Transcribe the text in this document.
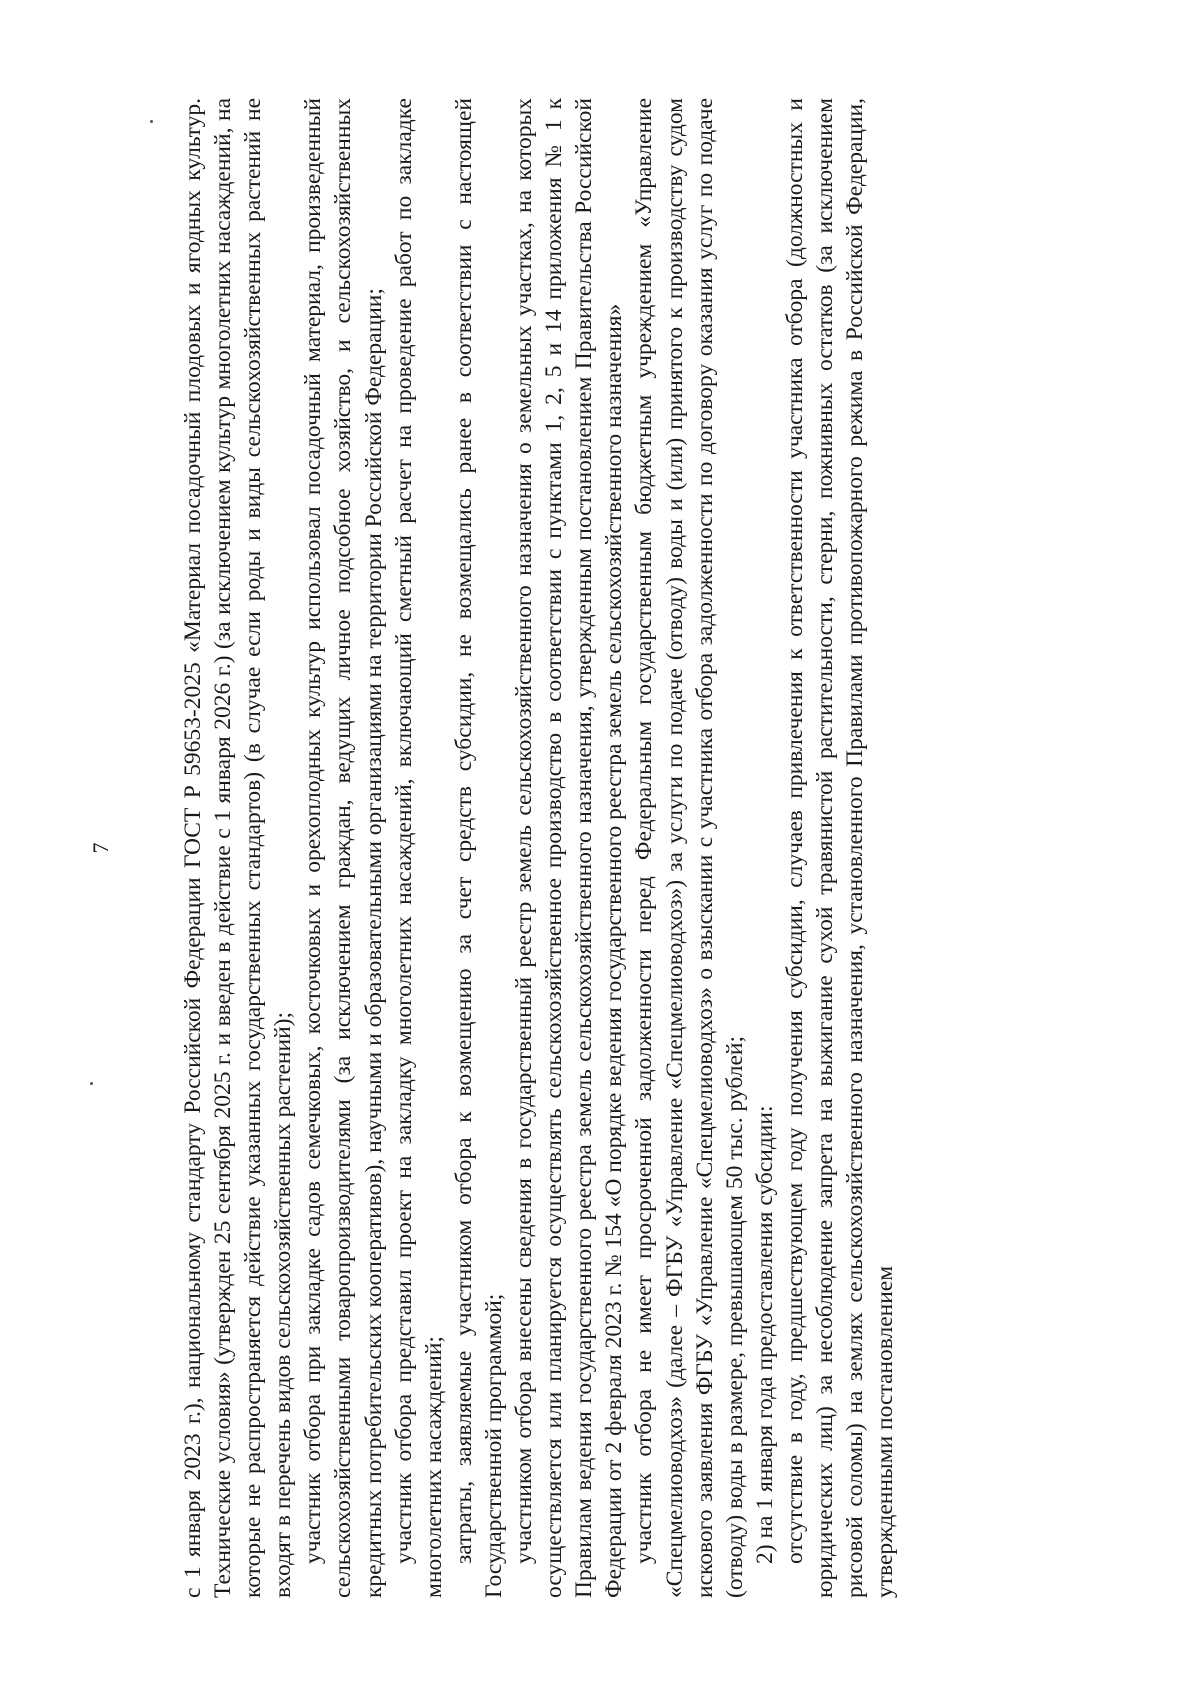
7	с 1 января 2023 г.), национальному стандарту Российской Федерации ГОСТ Р 59653-2025 «Материал посадочный плодовых и ягодных культур. Технические условия» (утвержден 25 сентября 2025 г. и введен в действие с 1 января 2026 г.) (за исключением культур многолетних насаждений, на которые не распространяется действие указанных государственных стандартов) (в случае если роды и виды сельскохозяйственных растений не входят в перечень видов сельскохозяйственных растений); участник отбора при закладке садов семечковых, косточковых и орехоплодных культур использовал посадочный материал, произведенный сельскохозяйственными товаропроизводителями (за исключением граждан, ведущих личное подсобное хозяйство, и сельскохозяйственных кредитных потребительских кооперативов), научными и образовательными организациями на территории Российской Федерации; участник отбора представил проект на закладку многолетних насаждений, включающий сметный расчет на проведение работ по закладке многолетних насаждений; затраты, заявляемые участником отбора к возмещению за счет средств субсидии, не возмещались ранее в соответствии с настоящей Государственной программой; участником отбора внесены сведения в государственный реестр земель сельскохозяйственного назначения о земельных участках, на которых осуществляется или планируется осуществлять сельскохозяйственное производство в соответствии с пунктами 1, 2, 5 и 14 приложения № 1 к Правилам ведения государственного реестра земель сельскохозяйственного назначения, утвержденным постановлением Правительства Российской Федерации от 2 февраля 2023 г. № 154 «О порядке ведения государственного реестра земель сельскохозяйственного назначения» участник отбора не имеет просроченной задолженности перед Федеральным государственным бюджетным учреждением «Управление «Спецмелиоводхоз» (далее – ФГБУ «Управление «Спецмелиоводхоз») за услуги по подаче (отводу) воды и (или) принятого к производству судом искового заявления ФГБУ «Управление «Спецмелиоводхоз» о взыскании с участника отбора задолженности по договору оказания услуг по подаче (отводу) воды в размере, превышающем 50 тыс. рублей; 2) на 1 января года предоставления субсидии: отсутствие в году, предшествующем году получения субсидии, случаев привлечения к ответственности участника отбора (должностных и юридических лиц) за несоблюдение запрета на выжигание сухой травянистой растительности, стерни, пожнивных остатков (за исключением рисовой соломы) на землях сельскохозяйственного назначения, установленного Правилами противопожарного режима в Российской Федерации, утвержденными постановлением
